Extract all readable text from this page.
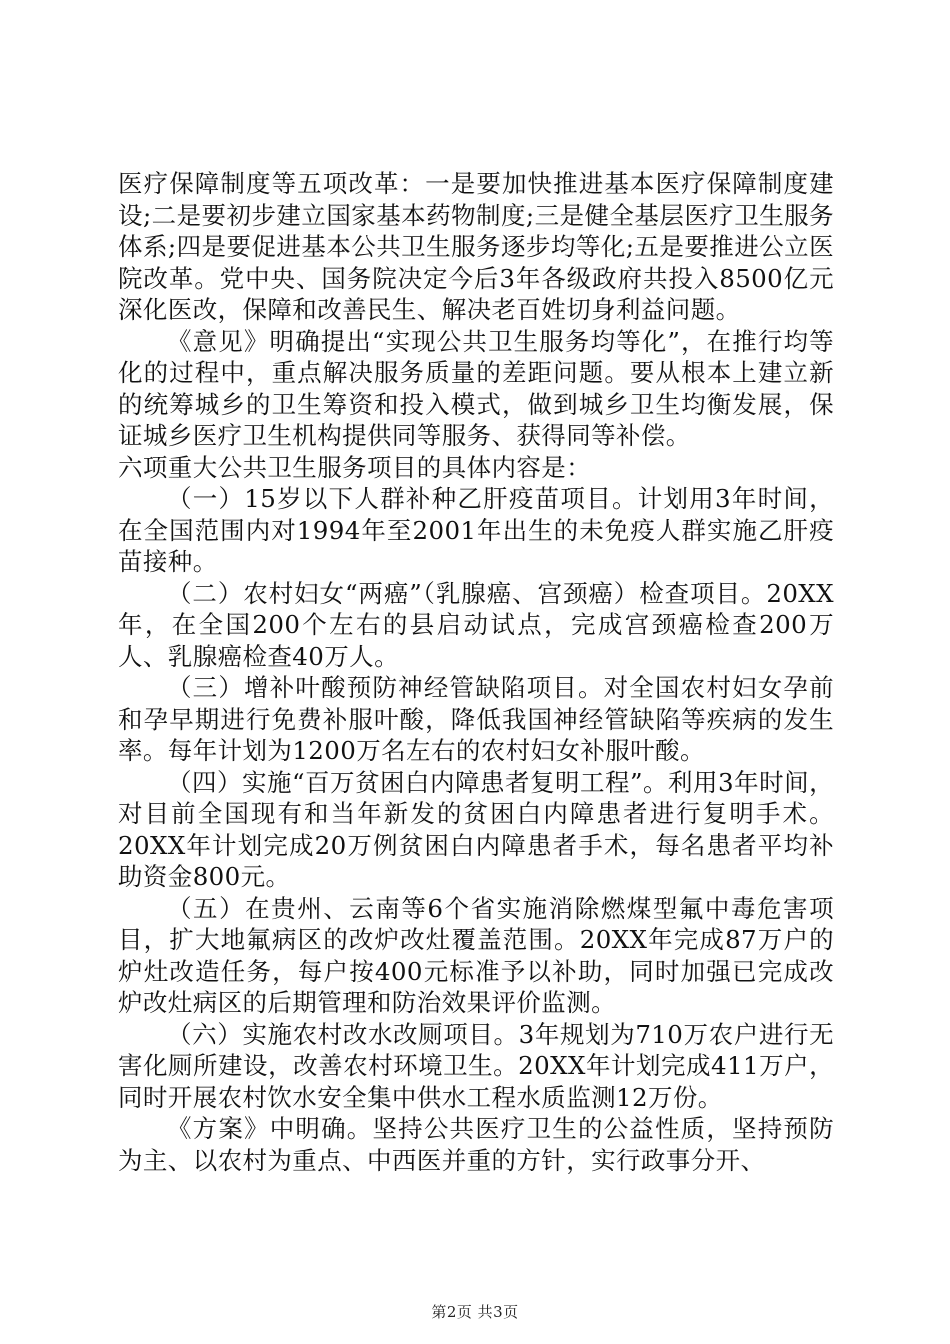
医疗保障制度等五项改革：一是要加快推进基本医疗保障制度建设;二是要初步建立国家基本药物制度;三是健全基层医疗卫生服务体系;四是要促进基本公共卫生服务逐步均等化;五是要推进公立医院改革。党中央、国务院决定今后3年各级政府共投入8500亿元深化医改，保障和改善民生、解决老百姓切身利益问题。

《意见》明确提出“实现公共卫生服务均等化”，在推行均等化的过程中，重点解决服务质量的差距问题。要从根本上建立新的统筹城乡的卫生筹资和投入模式，做到城乡卫生均衡发展，保证城乡医疗卫生机构提供同等服务、获得同等补偿。

六项重大公共卫生服务项目的具体内容是：

（一）15岁以下人群补种乙肝疫苗项目。计划用3年时间，在全国范围内对1994年至2001年出生的未免疫人群实施乙肝疫苗接种。

（二）农村妇女“两癌”（乳腺癌、宫颈癌）检查项目。20XX年，在全国200个左右的县启动试点，完成宫颈癌检查200万人、乳腺癌检查40万人。

（三）增补叶酸预防神经管缺陷项目。对全国农村妇女孕前和孕早期进行免费补服叶酸，降低我国神经管缺陷等疾病的发生率。每年计划为1200万名左右的农村妇女补服叶酸。

（四）实施“百万贫困白内障患者复明工程”。利用3年时间，对目前全国现有和当年新发的贫困白内障患者进行复明手术。20XX年计划完成20万例贫困白内障患者手术，每名患者平均补助资金800元。

（五）在贵州、云南等6个省实施消除燃煤型氟中毒危害项目，扩大地氟病区的改炉改灶覆盖范围。20XX年完成87万户的炉灶改造任务，每户按400元标准予以补助，同时加强已完成改炉改灶病区的后期管理和防治效果评价监测。

（六）实施农村改水改厕项目。3年规划为710万农户进行无害化厕所建设，改善农村环境卫生。20XX年计划完成411万户，同时开展农村饮水安全集中供水工程水质监测12万份。

《方案》中明确。坚持公共医疗卫生的公益性质，坚持预防为主、以农村为重点、中西医并重的方针，实行政事分开、

第2页 共3页
